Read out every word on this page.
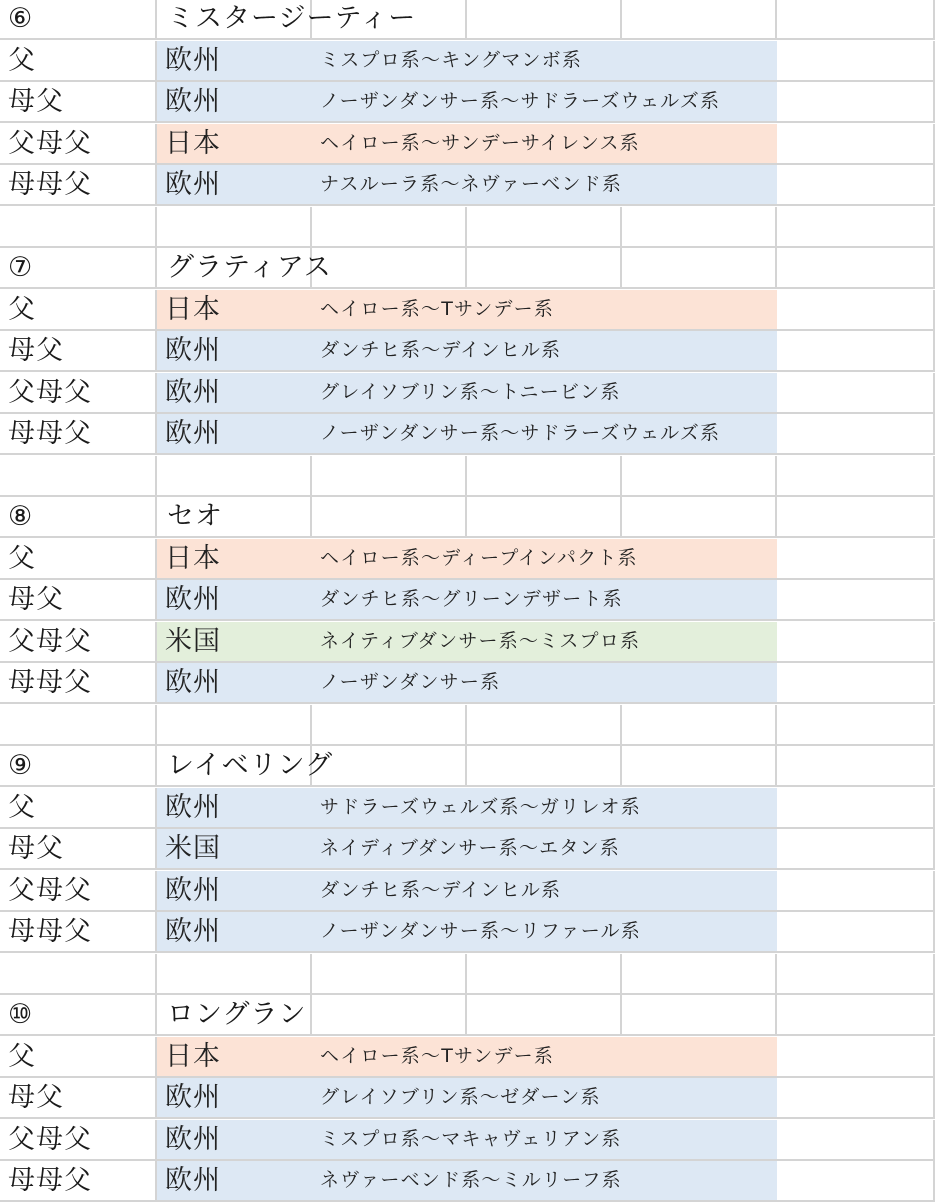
⑥	ミスタージーティー
父	欧州	ミスプロ系～キングマンボ系
母父	欧州	ノーザンダンサー系～サドラーズウェルズ系
父母父	日本	ヘイロー系～サンデーサイレンス系
母母父	欧州	ナスルーラ系～ネヴァーベンド系
⑦	グラティアス
父	日本	ヘイロー系～Tサンデー系
母父	欧州	ダンチヒ系～デインヒル系
父母父	欧州	グレイソブリン系～トニービン系
母母父	欧州	ノーザンダンサー系～サドラーズウェルズ系
⑧	セオ
父	日本	ヘイロー系～ディープインパクト系
母父	欧州	ダンチヒ系～グリーンデザート系
父母父	米国	ネイティブダンサー系～ミスプロ系
母母父	欧州	ノーザンダンサー系
⑨	レイベリング
父	欧州	サドラーズウェルズ系～ガリレオ系
母父	米国	ネイディブダンサー系～エタン系
父母父	欧州	ダンチヒ系～デインヒル系
母母父	欧州	ノーザンダンサー系～リファール系
⑩	ロングラン
父	日本	ヘイロー系～Tサンデー系
母父	欧州	グレイソブリン系～ゼダーン系
父母父	欧州	ミスプロ系～マキャヴェリアン系
母母父	欧州	ネヴァーベンド系～ミルリーフ系
